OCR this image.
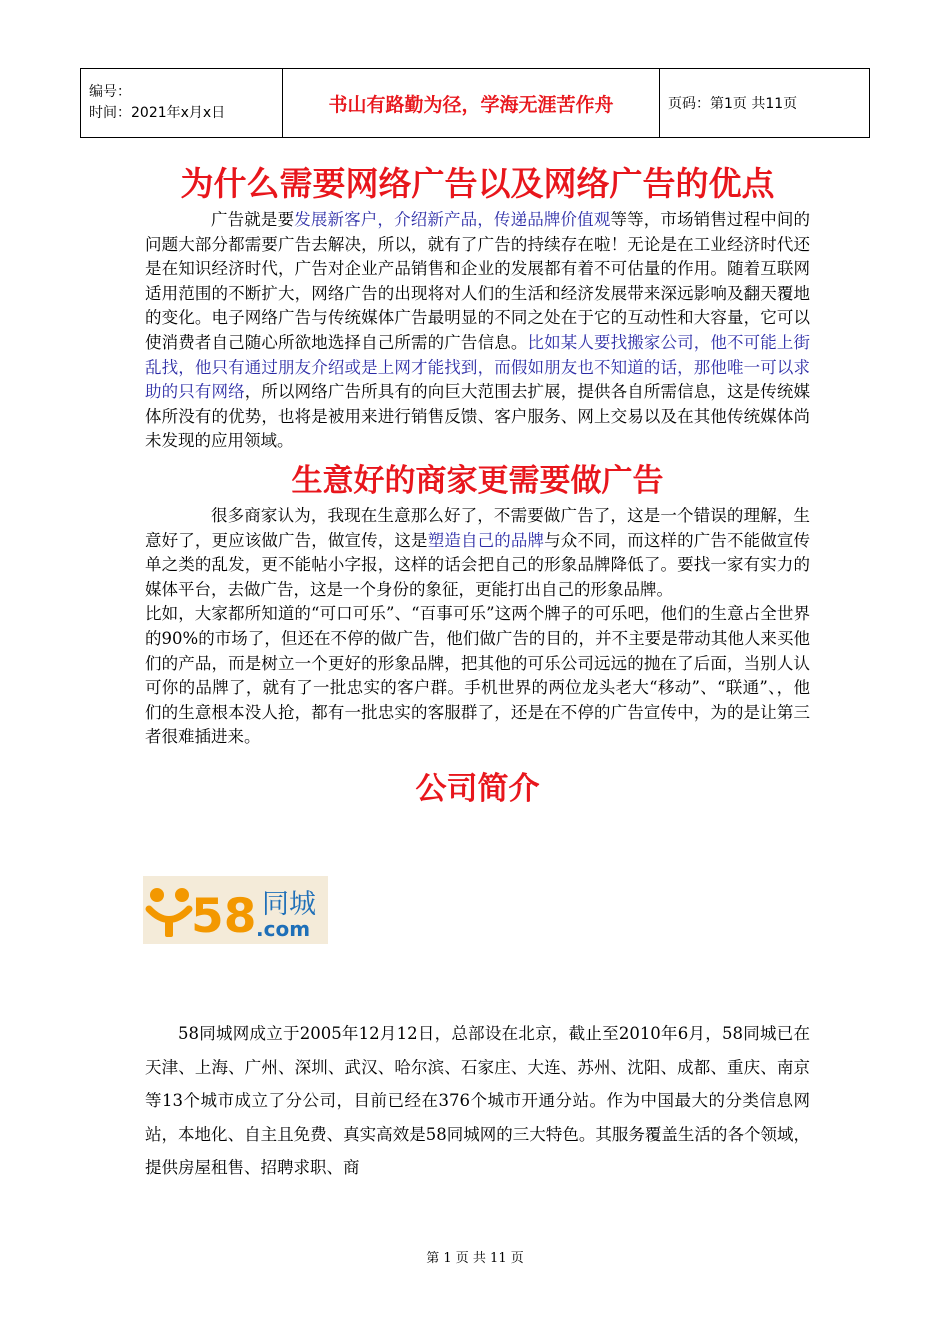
编号：
时间：2021年x月x日	书山有路勤为径，学海无涯苦作舟	页码：第1页 共11页
为什么需要网络广告以及网络广告的优点

广告就是要发展新客户，介绍新产品，传递品牌价值观等等，市场销售过程中间的问题大部分都需要广告去解决，所以，就有了广告的持续存在啦！无论是在工业经济时代还是在知识经济时代，广告对企业产品销售和企业的发展都有着不可估量的作用。随着互联网适用范围的不断扩大，网络广告的出现将对人们的生活和经济发展带来深远影响及翻天覆地的变化。电子网络广告与传统媒体广告最明显的不同之处在于它的互动性和大容量，它可以使消费者自己随心所欲地选择自己所需的广告信息。比如某人要找搬家公司，他不可能上街乱找，他只有通过朋友介绍或是上网才能找到，而假如朋友也不知道的话，那他唯一可以求助的只有网络，所以网络广告所具有的向巨大范围去扩展，提供各自所需信息，这是传统媒体所没有的优势，也将是被用来进行销售反馈、客户服务、网上交易以及在其他传统媒体尚未发现的应用领域。

生意好的商家更需要做广告

很多商家认为，我现在生意那么好了，不需要做广告了，这是一个错误的理解，生意好了，更应该做广告，做宣传，这是塑造自己的品牌与众不同，而这样的广告不能做宣传单之类的乱发，更不能帖小字报，这样的话会把自己的形象品牌降低了。要找一家有实力的媒体平台，去做广告，这是一个身份的象征，更能打出自己的形象品牌。

比如，大家都所知道的“可口可乐”、“百事可乐”这两个牌子的可乐吧，他们的生意占全世界的90%的市场了，但还在不停的做广告，他们做广告的目的，并不主要是带动其他人来买他们的产品，而是树立一个更好的形象品牌，把其他的可乐公司远远的抛在了后面，当别人认可你的品牌了，就有了一批忠实的客户群。手机世界的两位龙头老大“移动”、“联通”、，他们的生意根本没人抢，都有一批忠实的客服群了，还是在不停的广告宣传中，为的是让第三者很难插进来。

公司简介
58 同城
.com

58同城网成立于2005年12月12日，总部设在北京，截止至2010年6月，58同城已在天津、上海、广州、深圳、武汉、哈尔滨、石家庄、大连、苏州、沈阳、成都、重庆、南京等13个城市成立了分公司，目前已经在376个城市开通分站。作为中国最大的分类信息网站，本地化、自主且免费、真实高效是58同城网的三大特色。其服务覆盖生活的各个领域，提供房屋租售、招聘求职、商

第 1 页 共 11 页
